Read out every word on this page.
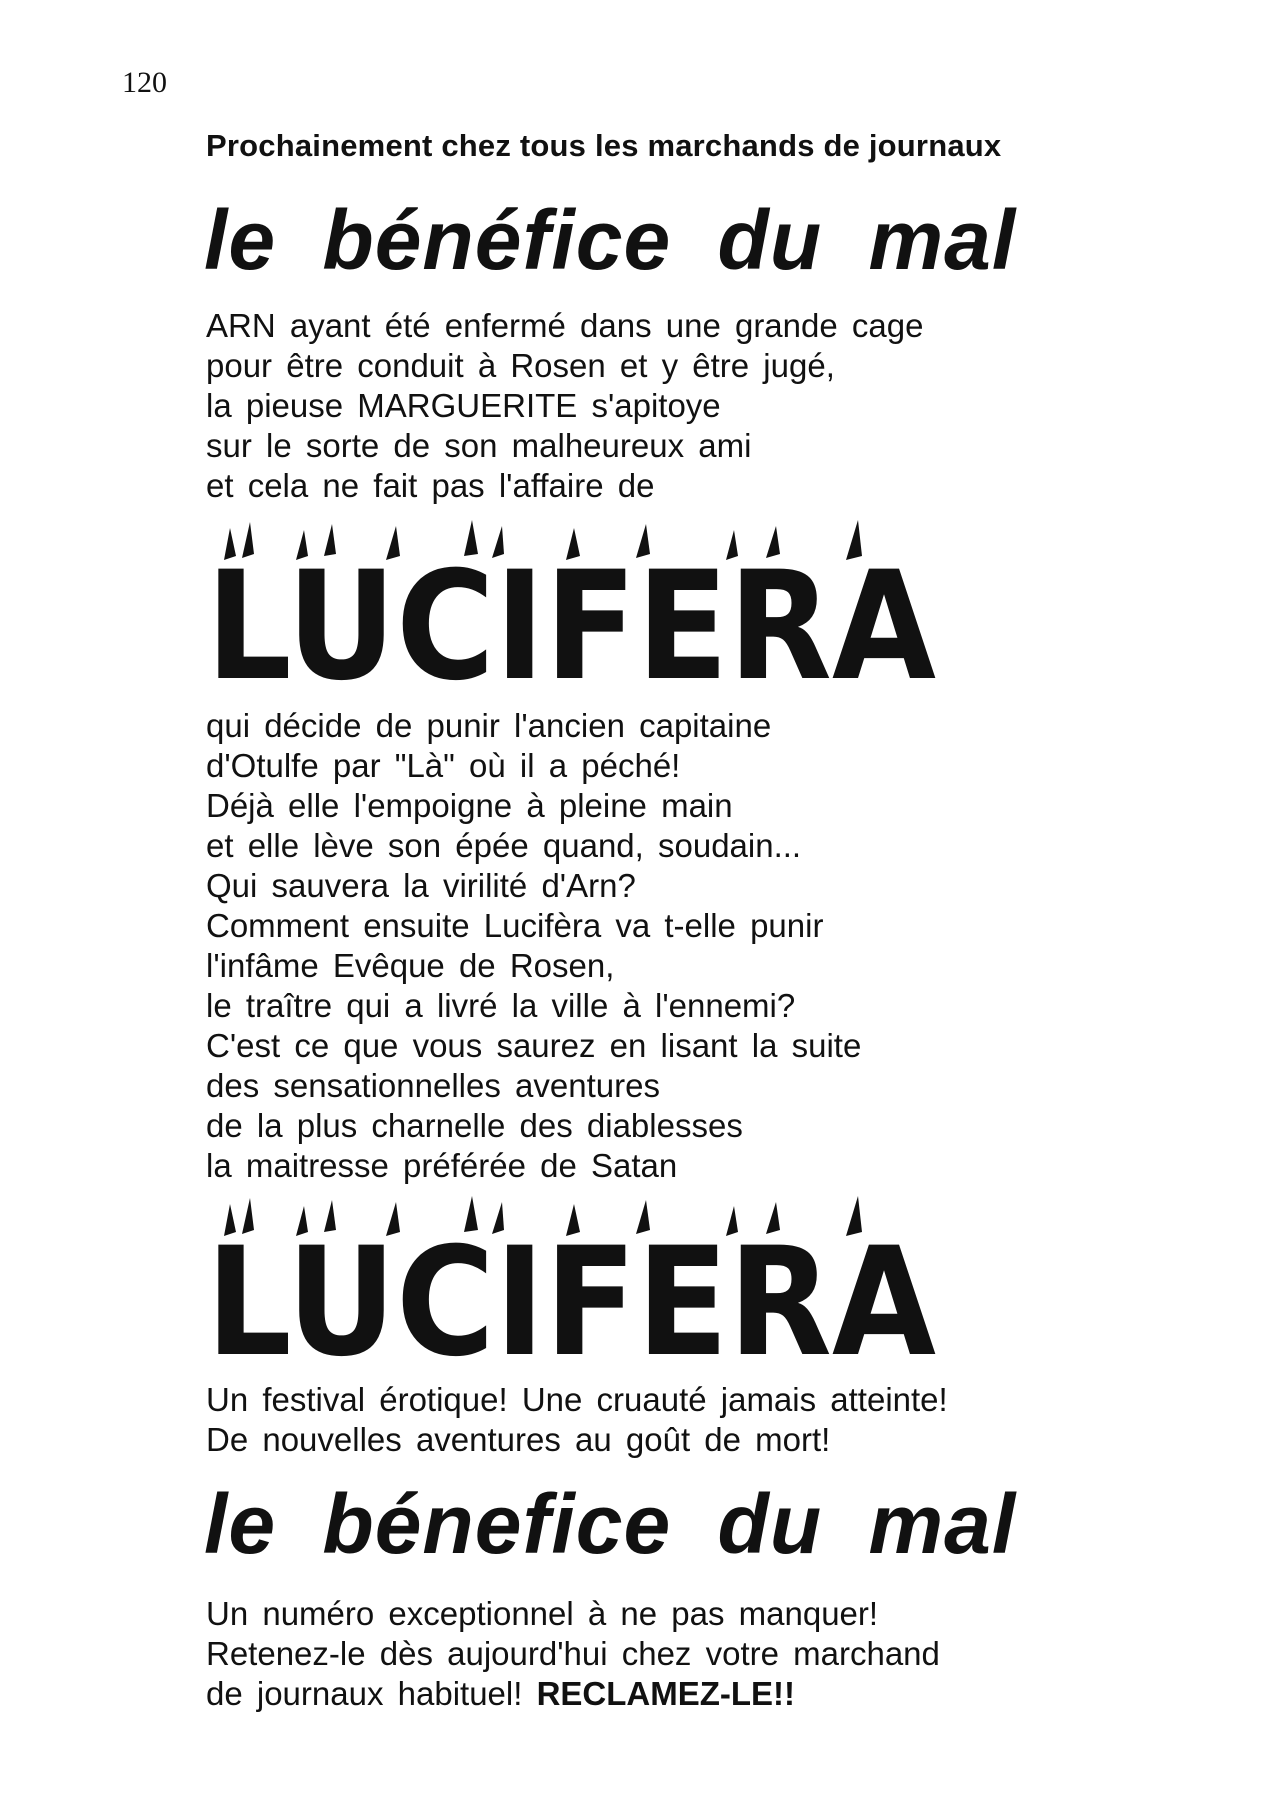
120
Prochainement chez tous les marchands de journaux
le bénéfice du mal
ARN ayant été enfermé dans une grande cage
pour être conduit à Rosen et y être jugé,
la pieuse MARGUERITE s'apitoye
sur le sorte de son malheureux ami
et cela ne fait pas l'affaire de
LUCIFERA
qui décide de punir l'ancien capitaine
d'Otulfe par "Là" où il a péché!
Déjà elle l'empoigne à pleine main
et elle lève son épée quand, soudain...
Qui sauvera la virilité d'Arn?
Comment ensuite Lucifèra va t-elle punir
l'infâme Evêque de Rosen,
le traître qui a livré la ville à l'ennemi?
C'est ce que vous saurez en lisant la suite
des sensationnelles aventures
de la plus charnelle des diablesses
la maitresse préférée de Satan
LUCIFERA
Un festival érotique! Une cruauté jamais atteinte!
De nouvelles aventures au goût de mort!
le bénefice du mal
Un numéro exceptionnel à ne pas manquer!
Retenez-le dès aujourd'hui chez votre marchand
de journaux habituel! RECLAMEZ-LE!!
